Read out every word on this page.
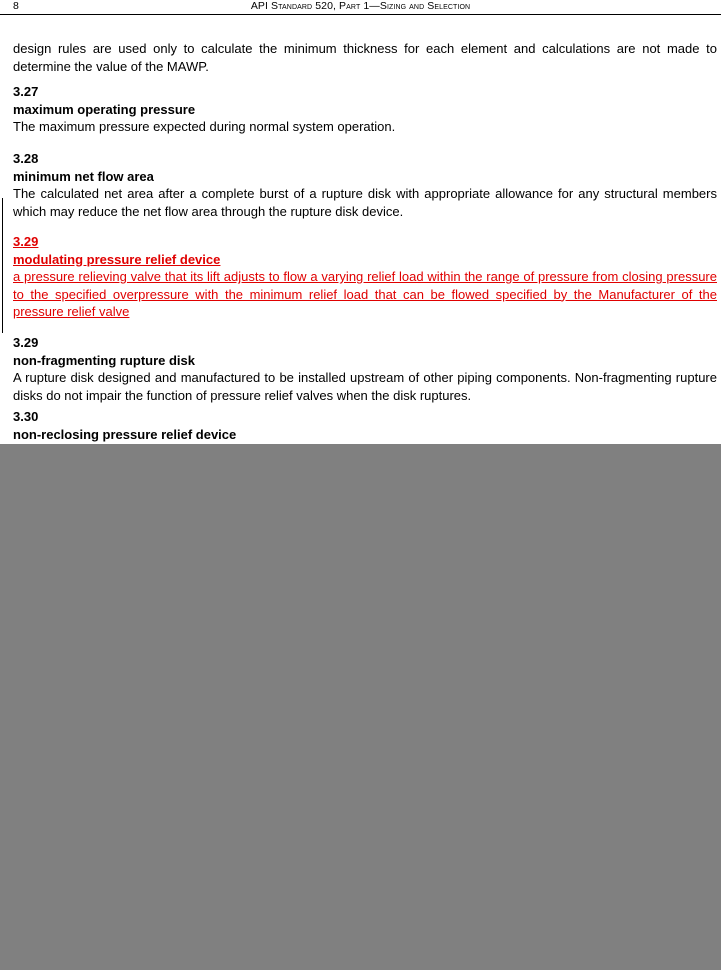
8	API Standard 520, Part 1—Sizing and Selection
design rules are used only to calculate the minimum thickness for each element and calculations are not made to determine the value of the MAWP.
3.27
maximum operating pressure
The maximum pressure expected during normal system operation.
3.28
minimum net flow area
The calculated net area after a complete burst of a rupture disk with appropriate allowance for any structural members which may reduce the net flow area through the rupture disk device.
3.29
modulating pressure relief device
a pressure relieving valve that its lift adjusts to flow a varying relief load within the range of pressure from closing pressure to the specified overpressure with the minimum relief load that can be flowed specified by the Manufacturer of the pressure relief valve
3.29
non-fragmenting rupture disk
A rupture disk designed and manufactured to be installed upstream of other piping components. Non-fragmenting rupture disks do not impair the function of pressure relief valves when the disk ruptures.
3.30
non-reclosing pressure relief device
